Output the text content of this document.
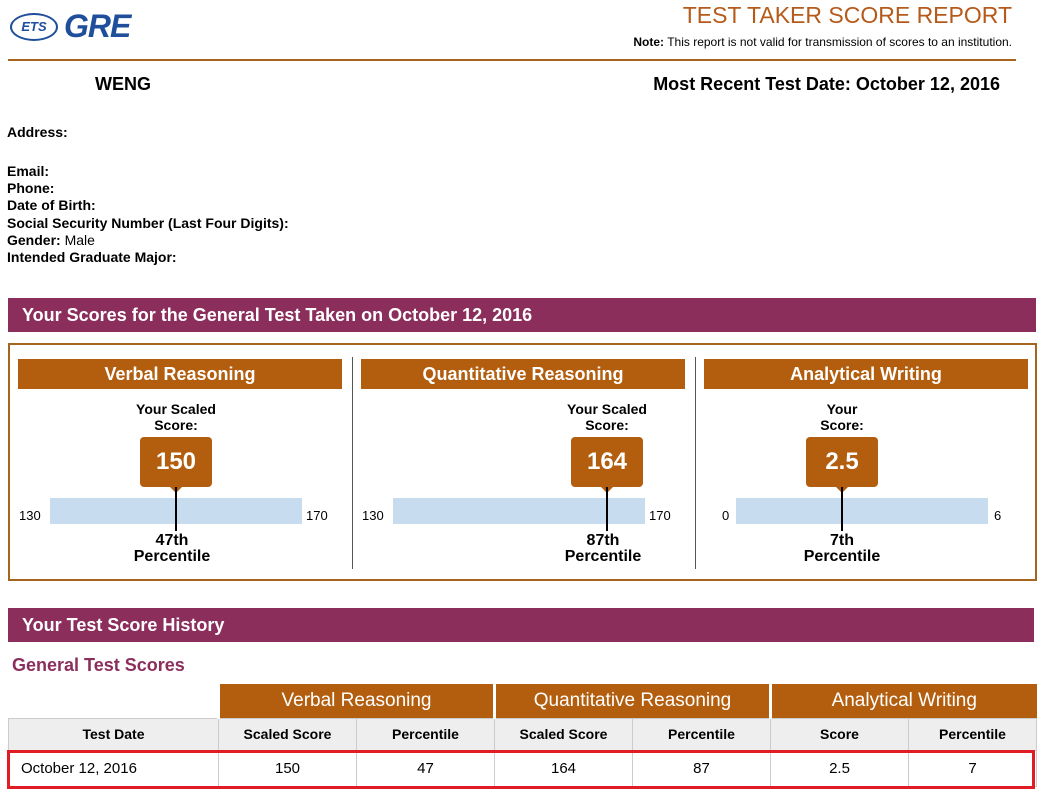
ETS GRE	TEST TAKER SCORE REPORT
Note: This report is not valid for transmission of scores to an institution.
WENG	Most Recent Test Date: October 12, 2016
Address:
Email:
Phone:
Date of Birth:
Social Security Number (Last Four Digits):
Gender: Male
Intended Graduate Major:
Your Scores for the General Test Taken on October 12, 2016
Verbal Reasoning
Your Scaled
Score:
150
130	170
47th
Percentile
Quantitative Reasoning
Your Scaled
Score:
164
130	170
87th
Percentile
Analytical Writing
Your
Score:
2.5
0	6
7th
Percentile
Your Test Score History
General Test Scores
	Verbal Reasoning		Quantitative Reasoning		Analytical Writing	
Test Date	Scaled Score	Percentile	Scaled Score	Percentile	Score	Percentile
October 12, 2016	150	47	164	87	2.5	7
